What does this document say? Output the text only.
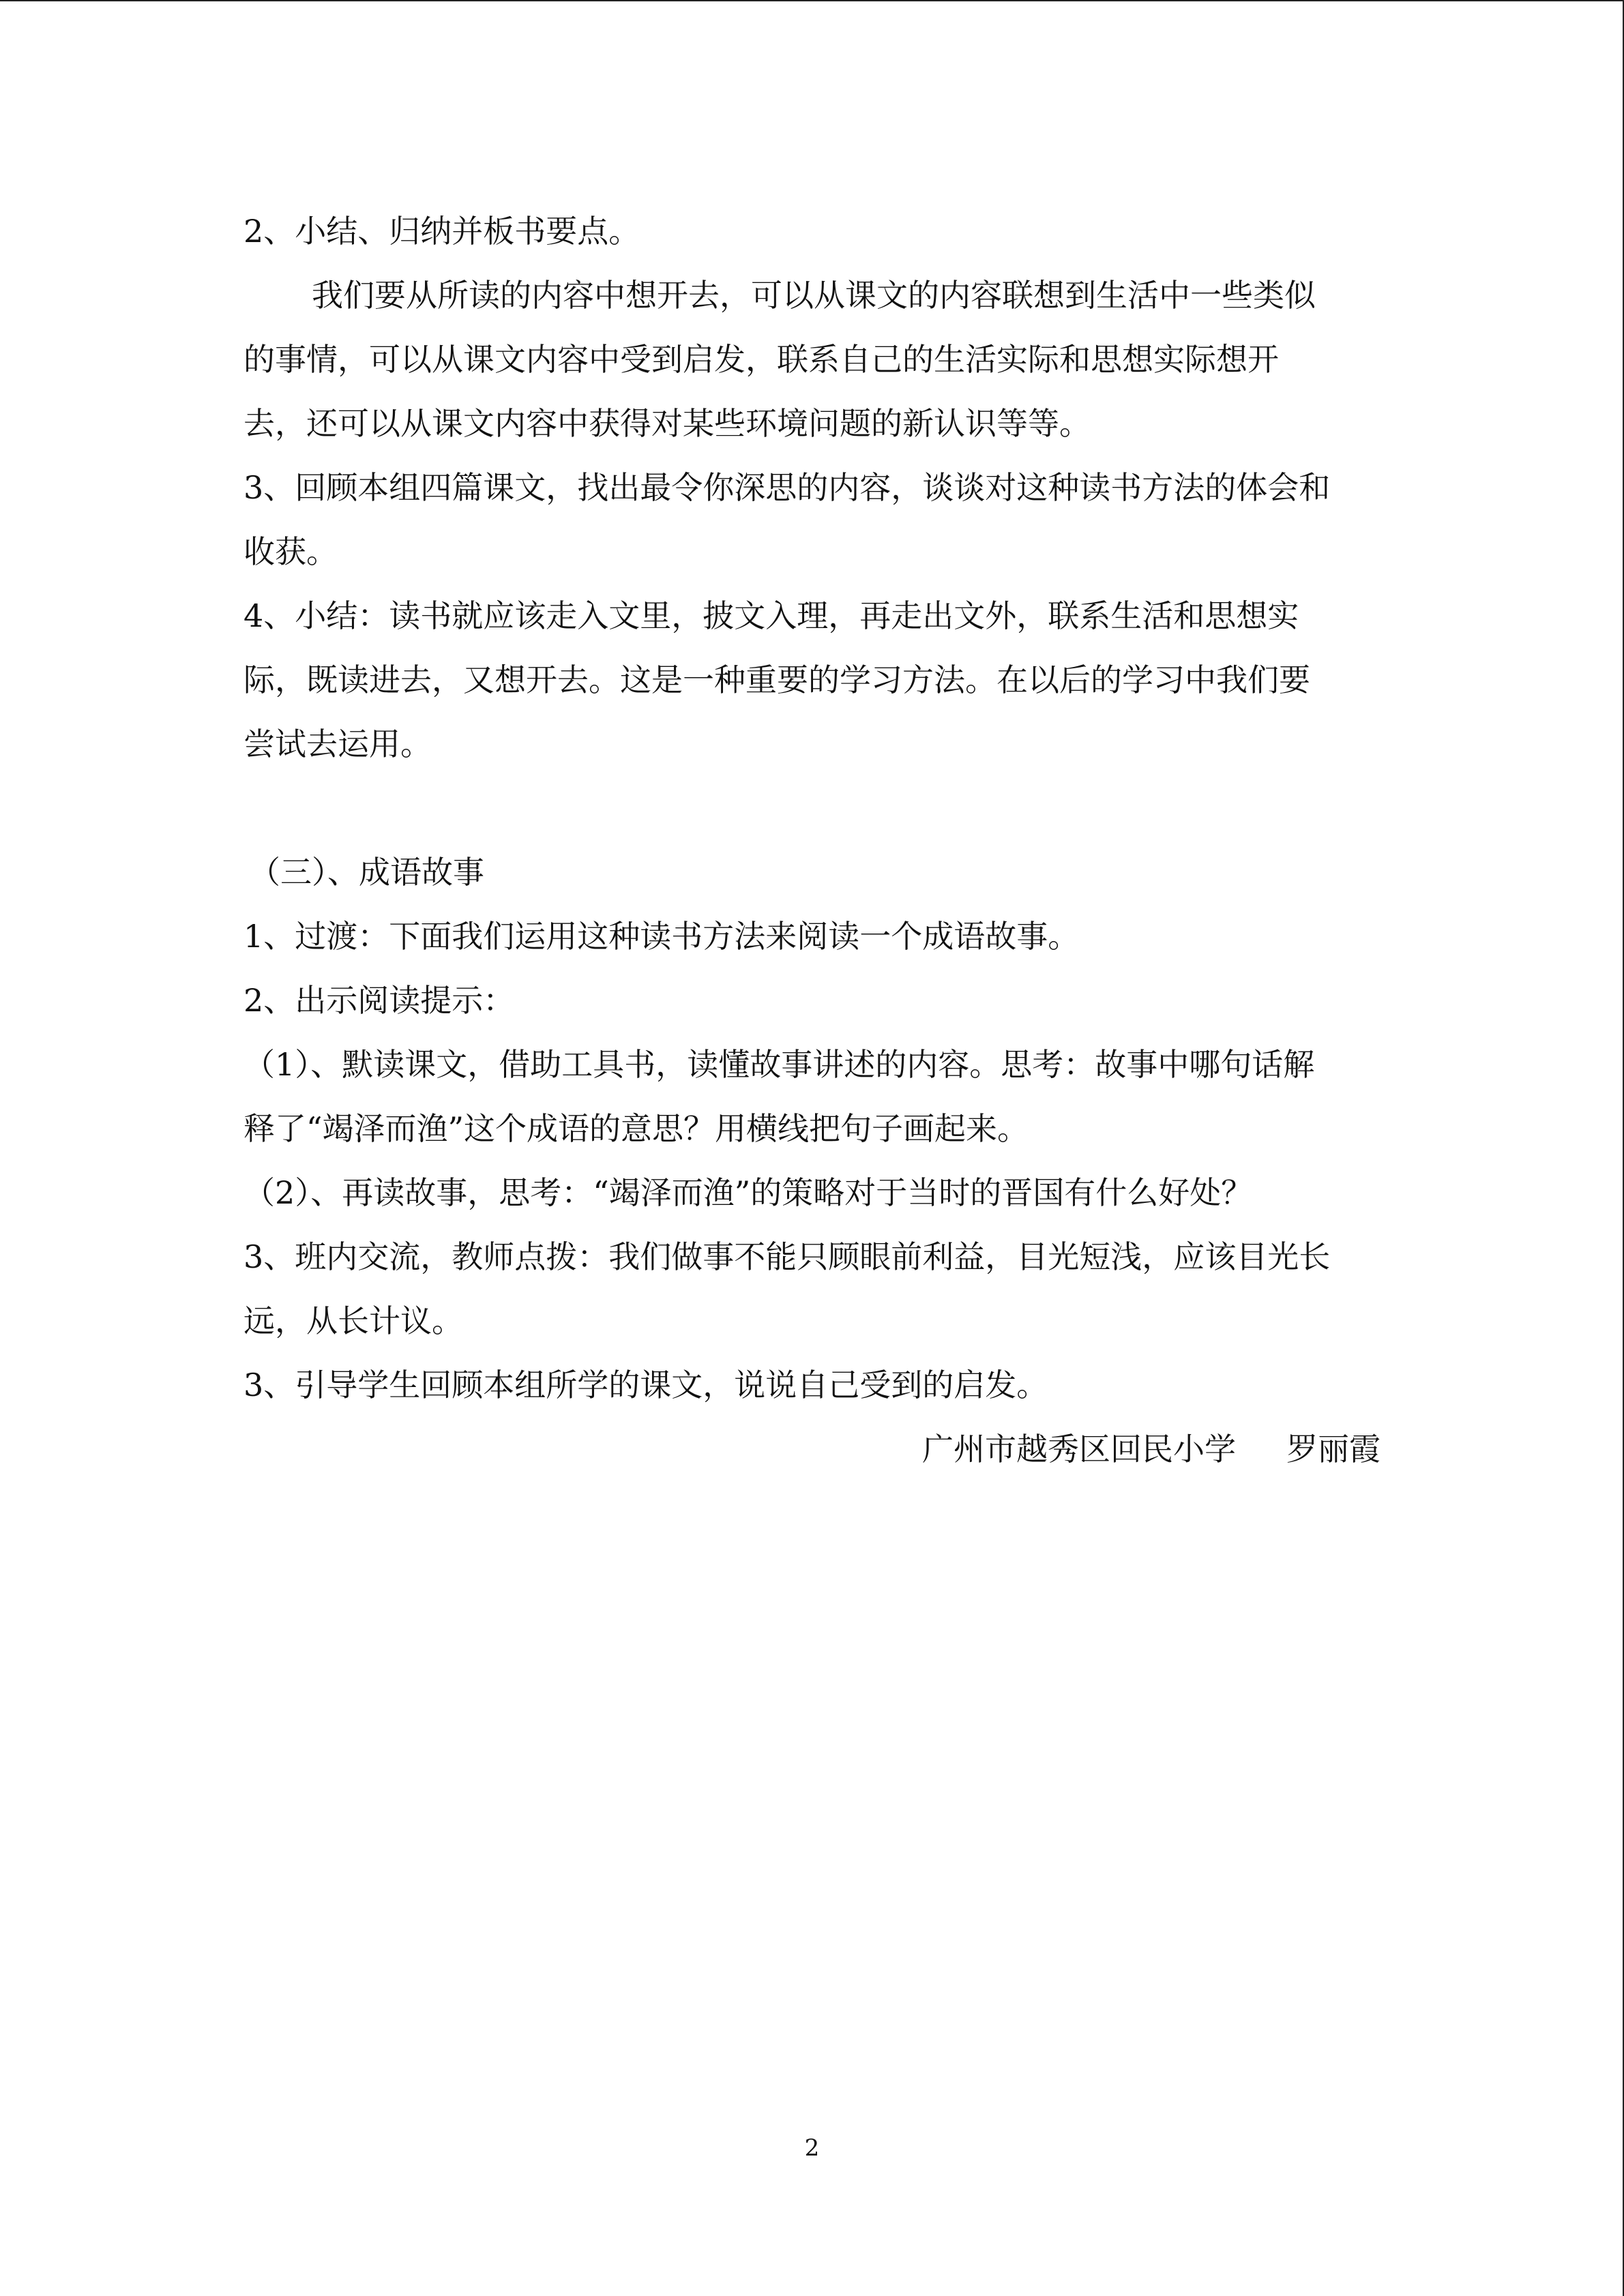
2、小结、归纳并板书要点。
我们要从所读的内容中想开去，可以从课文的内容联想到生活中一些类似
的事情，可以从课文内容中受到启发，联系自己的生活实际和思想实际想开
去，还可以从课文内容中获得对某些环境问题的新认识等等。
3、回顾本组四篇课文，找出最令你深思的内容，谈谈对这种读书方法的体会和
收获。
4、小结：读书就应该走入文里，披文入理，再走出文外，联系生活和思想实
际，既读进去，又想开去。这是一种重要的学习方法。在以后的学习中我们要
尝试去运用。
（三）、成语故事
1、过渡：下面我们运用这种读书方法来阅读一个成语故事。
2、出示阅读提示：
（1）、默读课文，借助工具书，读懂故事讲述的内容。思考：故事中哪句话解
释了“竭泽而渔”这个成语的意思？用横线把句子画起来。
（2）、再读故事，思考：“竭泽而渔”的策略对于当时的晋国有什么好处？
3、班内交流，教师点拨：我们做事不能只顾眼前利益，目光短浅，应该目光长
远，从长计议。
3、引导学生回顾本组所学的课文，说说自己受到的启发。
广州市越秀区回民小学 罗丽霞
2
